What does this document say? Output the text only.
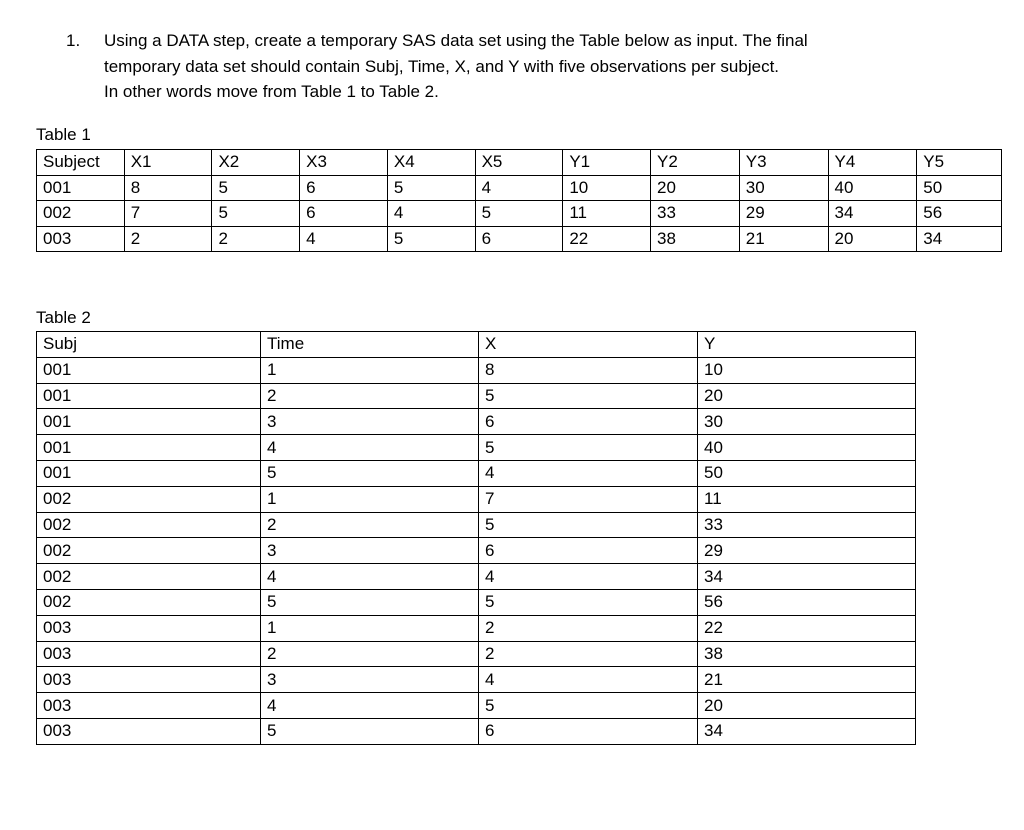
1. Using a DATA step, create a temporary SAS data set using the Table below as input. The final
temporary data set should contain Subj, Time, X, and Y with five observations per subject.
In other words move from Table 1 to Table 2.
Table 1
Subject	X1	X2	X3	X4	X5	Y1	Y2	Y3	Y4	Y5
001	8	5	6	5	4	10	20	30	40	50
002	7	5	6	4	5	11	33	29	34	56
003	2	2	4	5	6	22	38	21	20	34
Table 2
Subj	Time	X	Y
001	1	8	10
001	2	5	20
001	3	6	30
001	4	5	40
001	5	4	50
002	1	7	11
002	2	5	33
002	3	6	29
002	4	4	34
002	5	5	56
003	1	2	22
003	2	2	38
003	3	4	21
003	4	5	20
003	5	6	34
